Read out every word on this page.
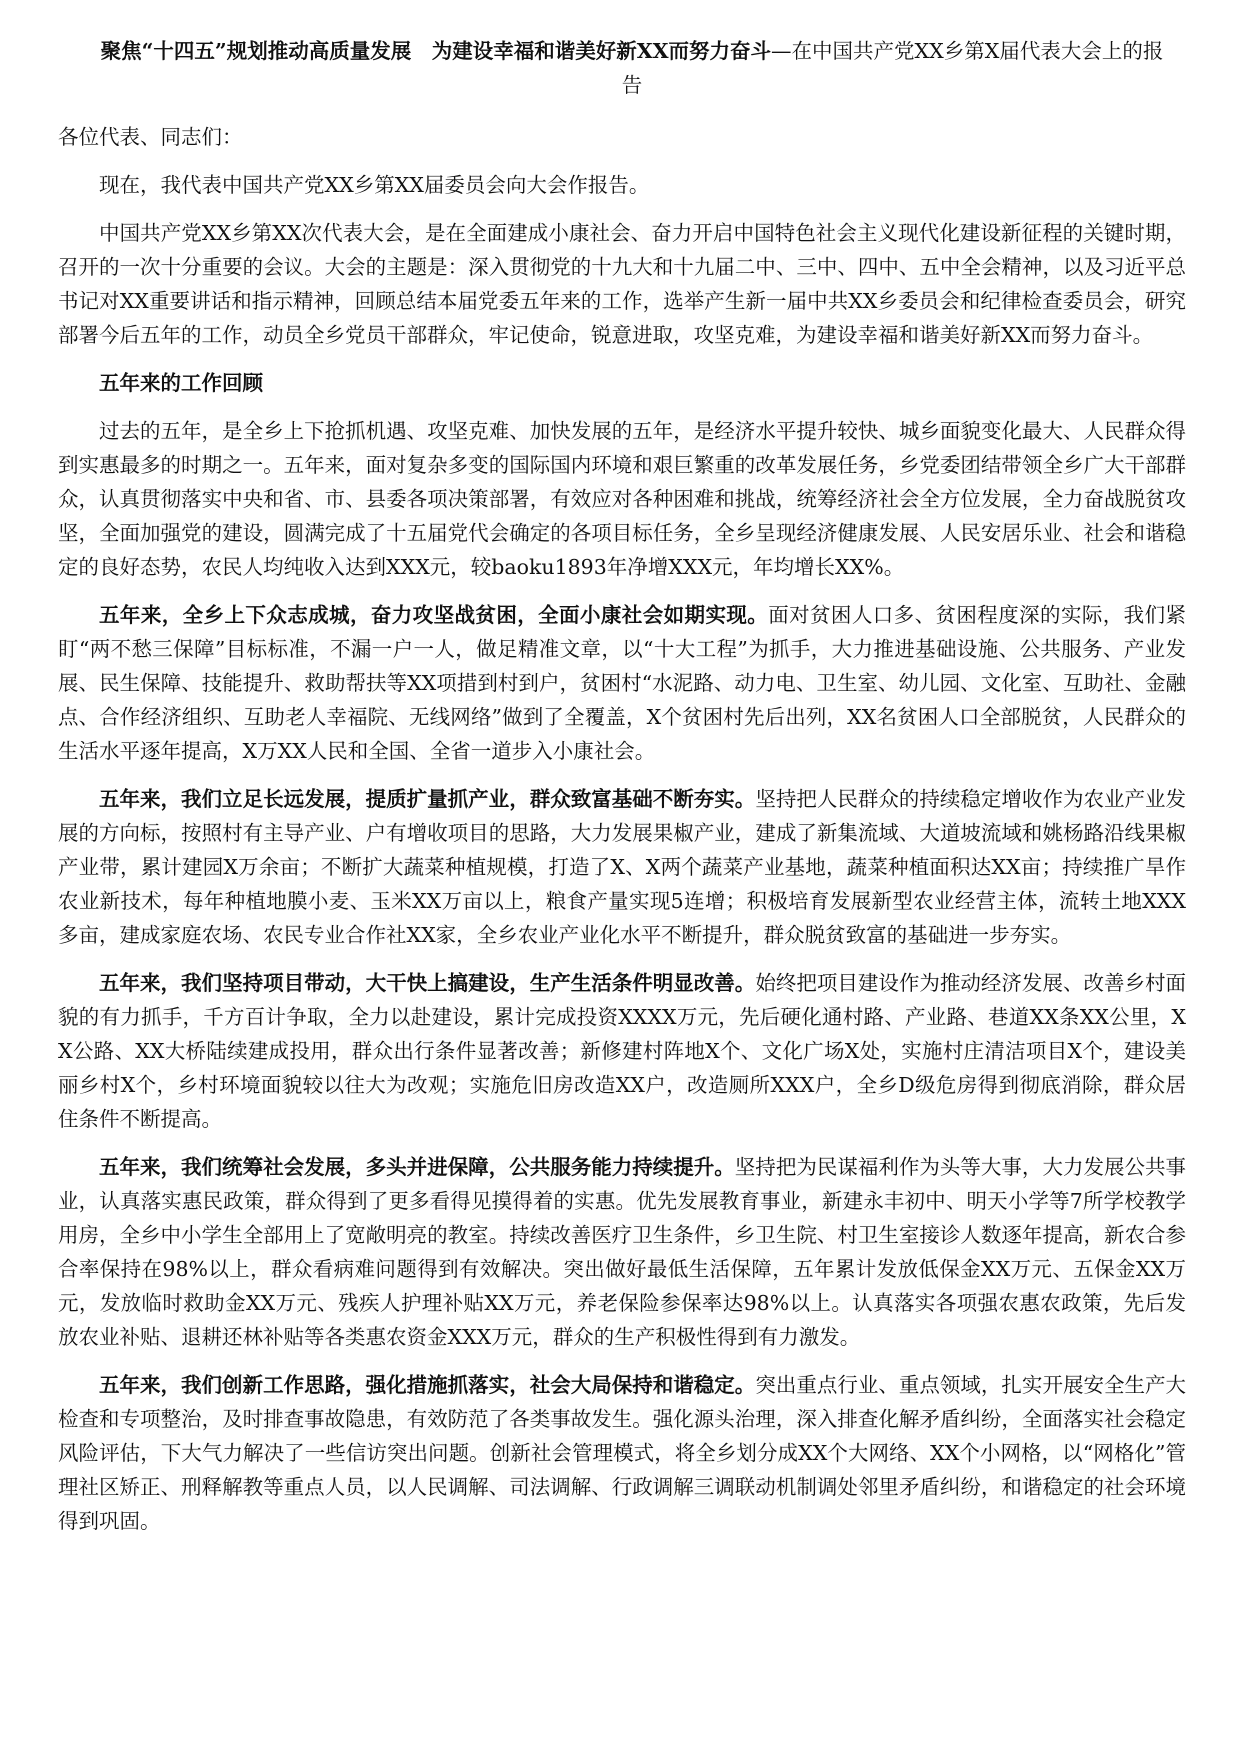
聚焦“十四五”规划推动高质量发展　为建设幸福和谐美好新XX而努力奋斗—在中国共产党XX乡第X届代表大会上的报告
各位代表、同志们：
现在，我代表中国共产党XX乡第XX届委员会向大会作报告。
中国共产党XX乡第XX次代表大会，是在全面建成小康社会、奋力开启中国特色社会主义现代化建设新征程的关键时期，召开的一次十分重要的会议。大会的主题是：深入贯彻党的十九大和十九届二中、三中、四中、五中全会精神，以及习近平总书记对XX重要讲话和指示精神，回顾总结本届党委五年来的工作，选举产生新一届中共XX乡委员会和纪律检查委员会，研究部署今后五年的工作，动员全乡党员干部群众，牢记使命，锐意进取，攻坚克难，为建设幸福和谐美好新XX而努力奋斗。
五年来的工作回顾
过去的五年，是全乡上下抢抓机遇、攻坚克难、加快发展的五年，是经济水平提升较快、城乡面貌变化最大、人民群众得到实惠最多的时期之一。五年来，面对复杂多变的国际国内环境和艰巨繁重的改革发展任务，乡党委团结带领全乡广大干部群众，认真贯彻落实中央和省、市、县委各项决策部署，有效应对各种困难和挑战，统筹经济社会全方位发展，全力奋战脱贫攻坚，全面加强党的建设，圆满完成了十五届党代会确定的各项目标任务，全乡呈现经济健康发展、人民安居乐业、社会和谐稳定的良好态势，农民人均纯收入达到XXX元，较baoku1893年净增XXX元，年均增长XX%。
五年来，全乡上下众志成城，奋力攻坚战贫困，全面小康社会如期实现。面对贫困人口多、贫困程度深的实际，我们紧盯“两不愁三保障”目标标准，不漏一户一人，做足精准文章，以“十大工程”为抓手，大力推进基础设施、公共服务、产业发展、民生保障、技能提升、救助帮扶等XX项措到村到户，贫困村“水泥路、动力电、卫生室、幼儿园、文化室、互助社、金融点、合作经济组织、互助老人幸福院、无线网络”做到了全覆盖，X个贫困村先后出列，XX名贫困人口全部脱贫，人民群众的生活水平逐年提高，X万XX人民和全国、全省一道步入小康社会。
五年来，我们立足长远发展，提质扩量抓产业，群众致富基础不断夯实。坚持把人民群众的持续稳定增收作为农业产业发展的方向标，按照村有主导产业、户有增收项目的思路，大力发展果椒产业，建成了新集流域、大道坡流域和姚杨路沿线果椒产业带，累计建园X万余亩；不断扩大蔬菜种植规模，打造了X、X两个蔬菜产业基地，蔬菜种植面积达XX亩；持续推广旱作农业新技术，每年种植地膜小麦、玉米XX万亩以上，粮食产量实现5连增；积极培育发展新型农业经营主体，流转土地XXX多亩，建成家庭农场、农民专业合作社XX家，全乡农业产业化水平不断提升，群众脱贫致富的基础进一步夯实。
五年来，我们坚持项目带动，大干快上搞建设，生产生活条件明显改善。始终把项目建设作为推动经济发展、改善乡村面貌的有力抓手，千方百计争取，全力以赴建设，累计完成投资XXXX万元，先后硬化通村路、产业路、巷道XX条XX公里，XX公路、XX大桥陆续建成投用，群众出行条件显著改善；新修建村阵地X个、文化广场X处，实施村庄清洁项目X个，建设美丽乡村X个，乡村环境面貌较以往大为改观；实施危旧房改造XX户，改造厕所XXX户，全乡D级危房得到彻底消除，群众居住条件不断提高。
五年来，我们统筹社会发展，多头并进保障，公共服务能力持续提升。坚持把为民谋福利作为头等大事，大力发展公共事业，认真落实惠民政策，群众得到了更多看得见摸得着的实惠。优先发展教育事业，新建永丰初中、明天小学等7所学校教学用房，全乡中小学生全部用上了宽敞明亮的教室。持续改善医疗卫生条件，乡卫生院、村卫生室接诊人数逐年提高，新农合参合率保持在98%以上，群众看病难问题得到有效解决。突出做好最低生活保障，五年累计发放低保金XX万元、五保金XX万元，发放临时救助金XX万元、残疾人护理补贴XX万元，养老保险参保率达98%以上。认真落实各项强农惠农政策，先后发放农业补贴、退耕还林补贴等各类惠农资金XXX万元，群众的生产积极性得到有力激发。
五年来，我们创新工作思路，强化措施抓落实，社会大局保持和谐稳定。突出重点行业、重点领域，扎实开展安全生产大检查和专项整治，及时排查事故隐患，有效防范了各类事故发生。强化源头治理，深入排查化解矛盾纠纷，全面落实社会稳定风险评估，下大气力解决了一些信访突出问题。创新社会管理模式，将全乡划分成XX个大网络、XX个小网格，以“网格化”管理社区矫正、刑释解教等重点人员，以人民调解、司法调解、行政调解三调联动机制调处邻里矛盾纠纷，和谐稳定的社会环境得到巩固。
